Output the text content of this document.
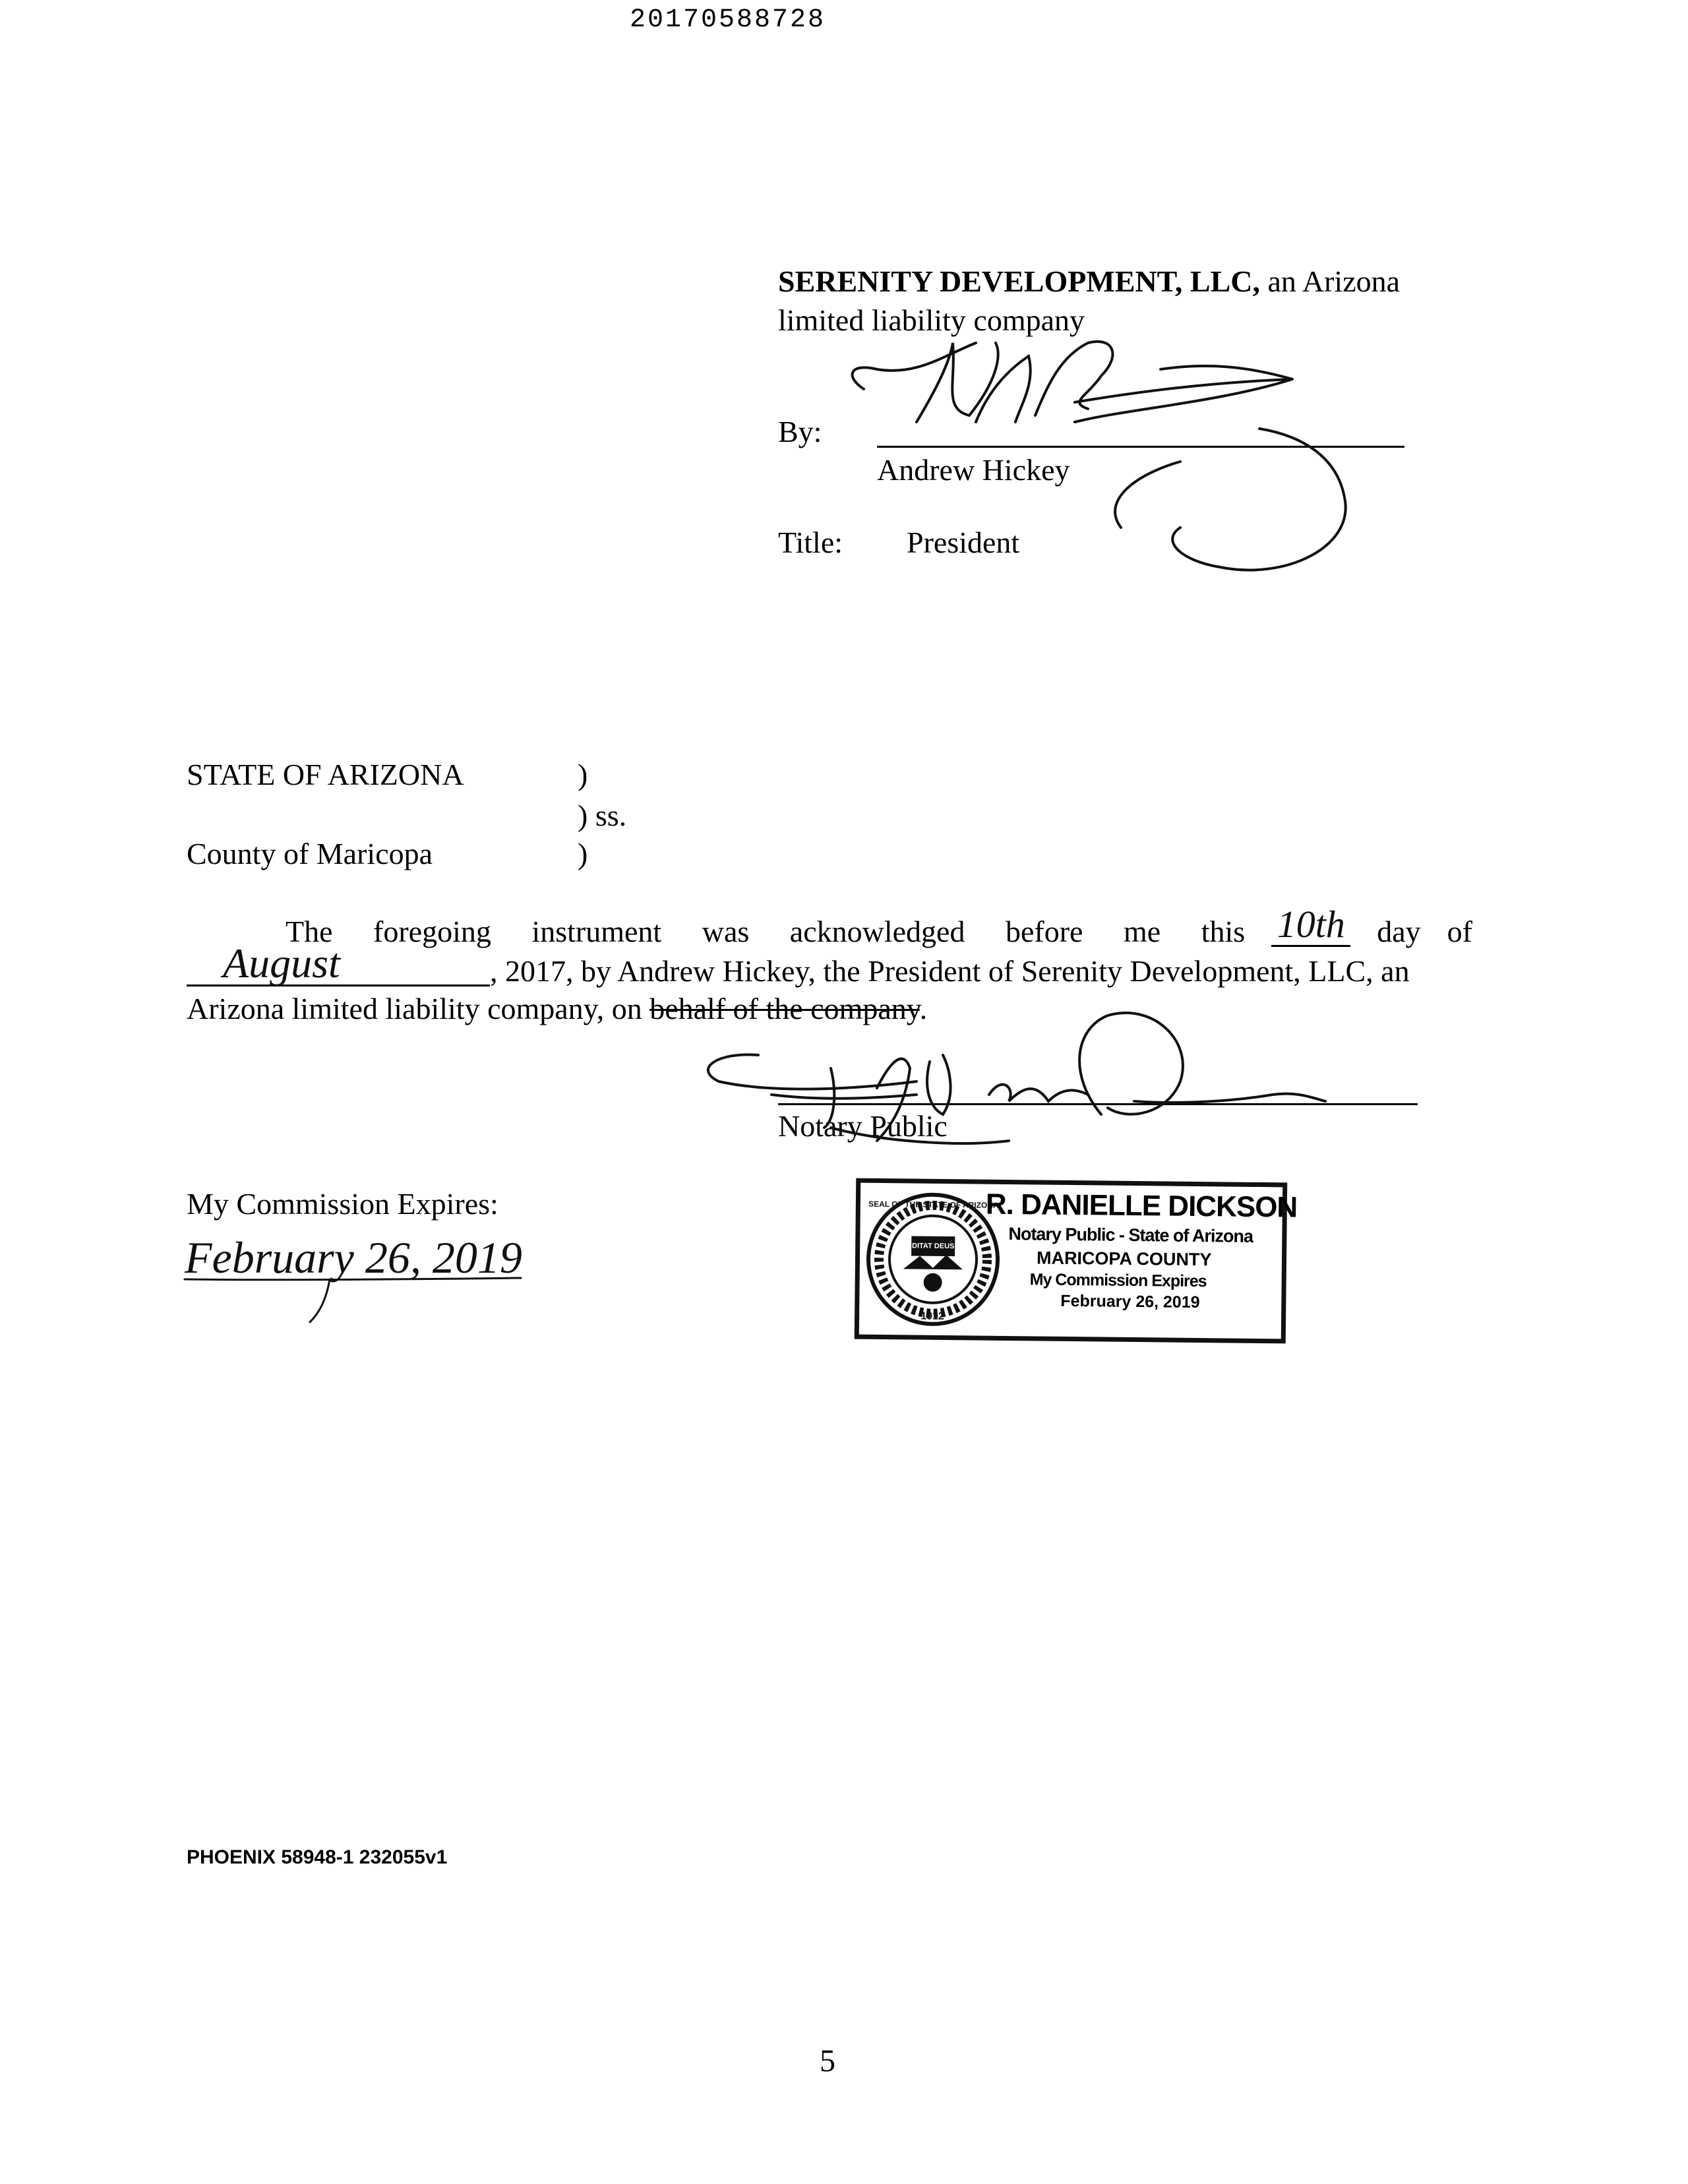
20170588728
SERENITY DEVELOPMENT, LLC, an Arizona
limited liability company
By:
Andrew Hickey
Title: President
STATE OF ARIZONA	)
) ss.
County of Maricopa	)
The foregoing instrument was acknowledged before me this 10th
day of
August
	, 2017, by Andrew Hickey, the President of Serenity Development, LLC, an
Arizona limited liability company, on behalf of the company.
Notary Public
My Commission Expires:
February 26, 2019	DITAT DEUS
1912
SEAL OF THE STATE OF ARIZONA
R. DANIELLE DICKSON
Notary Public - State of Arizona
MARICOPA COUNTY
My Commission Expires
February 26, 2019
PHOENIX 58948-1 232055v1
5
